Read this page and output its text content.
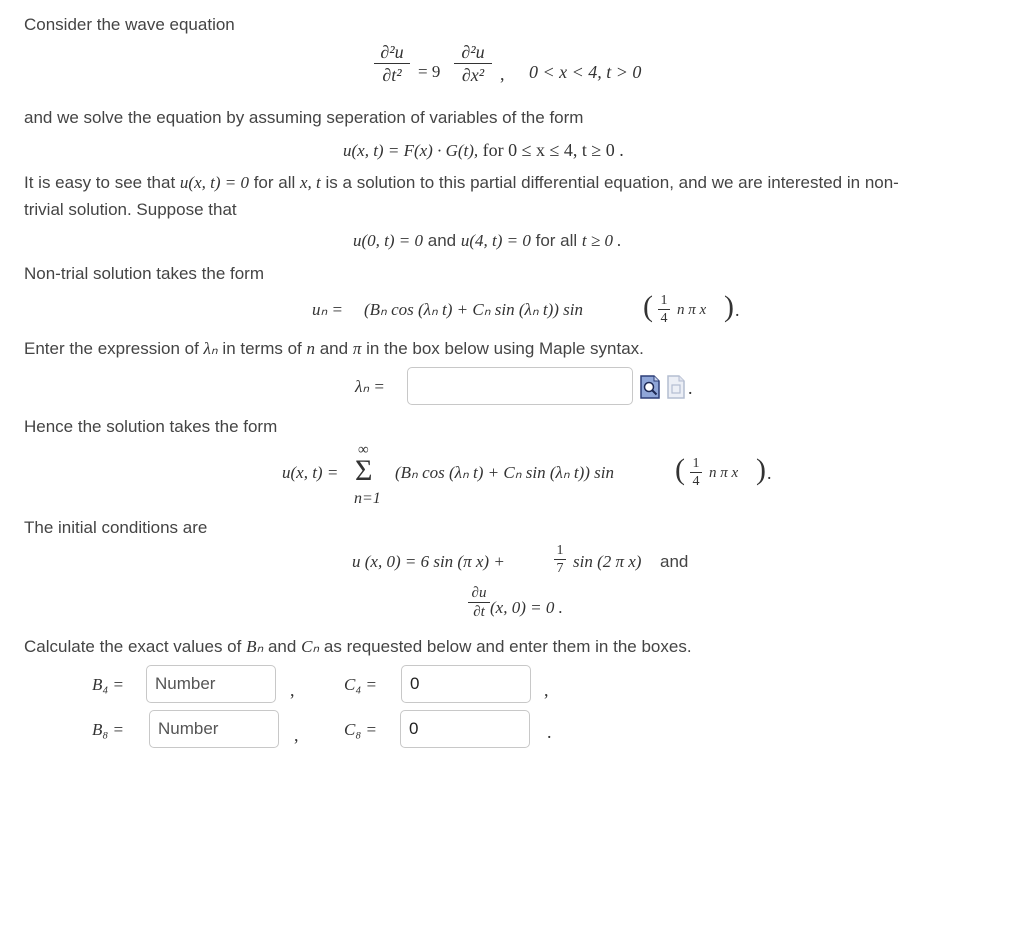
Consider the wave equation
∂²u
∂t² = 9
∂²u
∂x² , 0 < x < 4, t > 0
and we solve the equation by assuming seperation of variables of the form
u(x, t) = F(x) · G(t), for 0 ≤ x ≤ 4, t ≥ 0 .
It is easy to see that u(x, t) = 0 for all x, t is a solution to this partial differential equation, and we are interested in non-
trivial solution. Suppose that
u(0, t) = 0 and u(4, t) = 0 for all t ≥ 0 .
Non-trial solution takes the form
uₙ = (Bₙ cos (λₙ t) + Cₙ sin (λₙ t)) sin ( 1
4
n π x ) .
Enter the expression of λₙ in terms of n and π in the box below using Maple syntax.
λₙ =	.
Hence the solution takes the form
u(x, t) =
∞
Σ
n=1
(Bₙ cos (λₙ t) + Cₙ sin (λₙ t)) sin ( 1
4
n π x ) .
The initial conditions are
u (x, 0) = 6 sin (π x) +
1
7 sin (2 π x) and
∂u
∂t (x, 0) = 0 .
Calculate the exact values of Bₙ and Cₙ as requested below and enter them in the boxes.
B₄ =
Number	,	C₄ =
0	,
B₈ =
Number	,	C₈ =
0	.
